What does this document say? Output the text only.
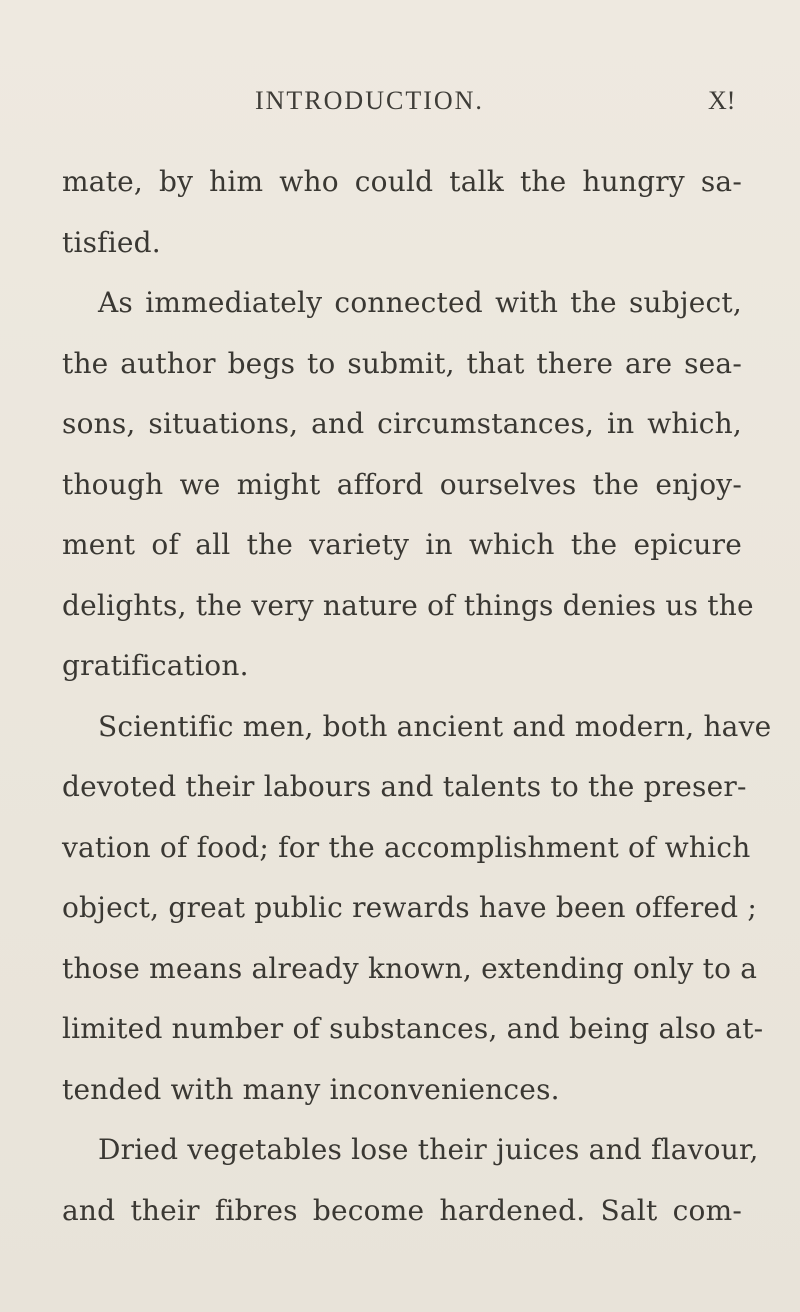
INTRODUCTION.	X!
mate, by him who could talk the hungry sa-
tisfied.
As immediately connected with the subject,
the author begs to submit, that there are sea-
sons, situations, and circumstances, in which,
though we might afford ourselves the enjoy-
ment of all the variety in which the epicure
delights, the very nature of things denies us the
gratification.
Scientific men, both ancient and modern, have
devoted their labours and talents to the preser-
vation of food; for the accomplishment of which
object, great public rewards have been offered ;
those means already known, extending only to a
limited number of substances, and being also at-
tended with many inconveniences.
Dried vegetables lose their juices and flavour,
and their fibres become hardened. Salt com-
